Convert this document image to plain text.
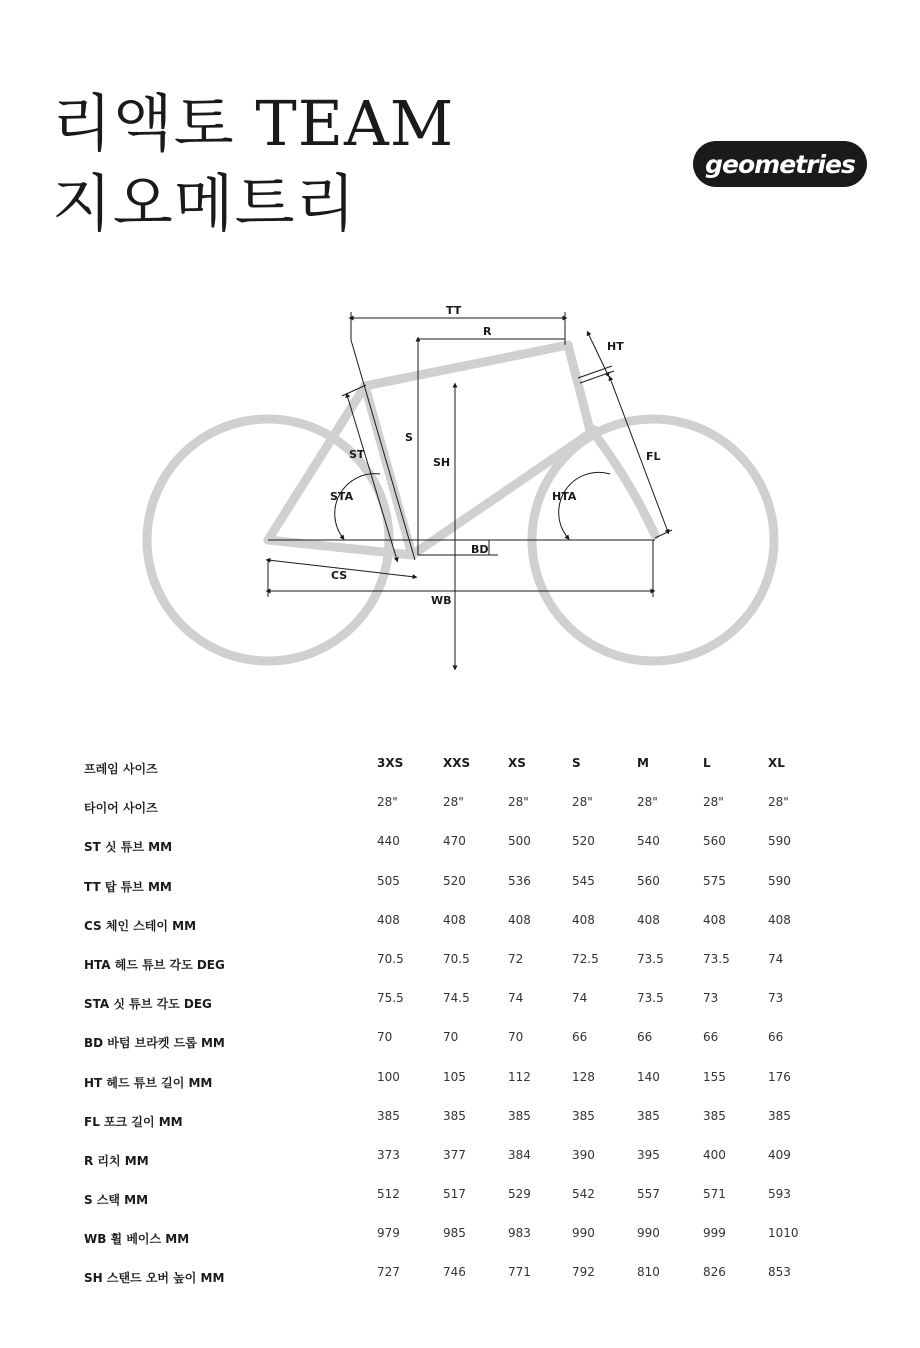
리액토 TEAM
지오메트리
geometries
TT
R
HT
S
SH
ST	FL
STA	HTA
BD
CS
WB
프레임 사이즈	3XS	XXS	XS	S	M	L	XL
타이어 사이즈	28"	28"	28"	28"	28"	28"	28"
ST 싯 튜브 MM	440	470	500	520	540	560	590
TT 탑 튜브 MM	505	520	536	545	560	575	590
CS 체인 스테이 MM	408	408	408	408	408	408	408
HTA 헤드 튜브 각도 DEG	70.5	70.5	72	72.5	73.5	73.5	74
STA 싯 튜브 각도 DEG	75.5	74.5	74	74	73.5	73	73
BD 바텀 브라켓 드롭 MM	70	70	70	66	66	66	66
HT 헤드 튜브 길이 MM	100	105	112	128	140	155	176
FL 포크 길이 MM	385	385	385	385	385	385	385
R 리치 MM	373	377	384	390	395	400	409
S 스택 MM	512	517	529	542	557	571	593
WB 휠 베이스 MM	979	985	983	990	990	999	1010
SH 스탠드 오버 높이 MM	727	746	771	792	810	826	853
